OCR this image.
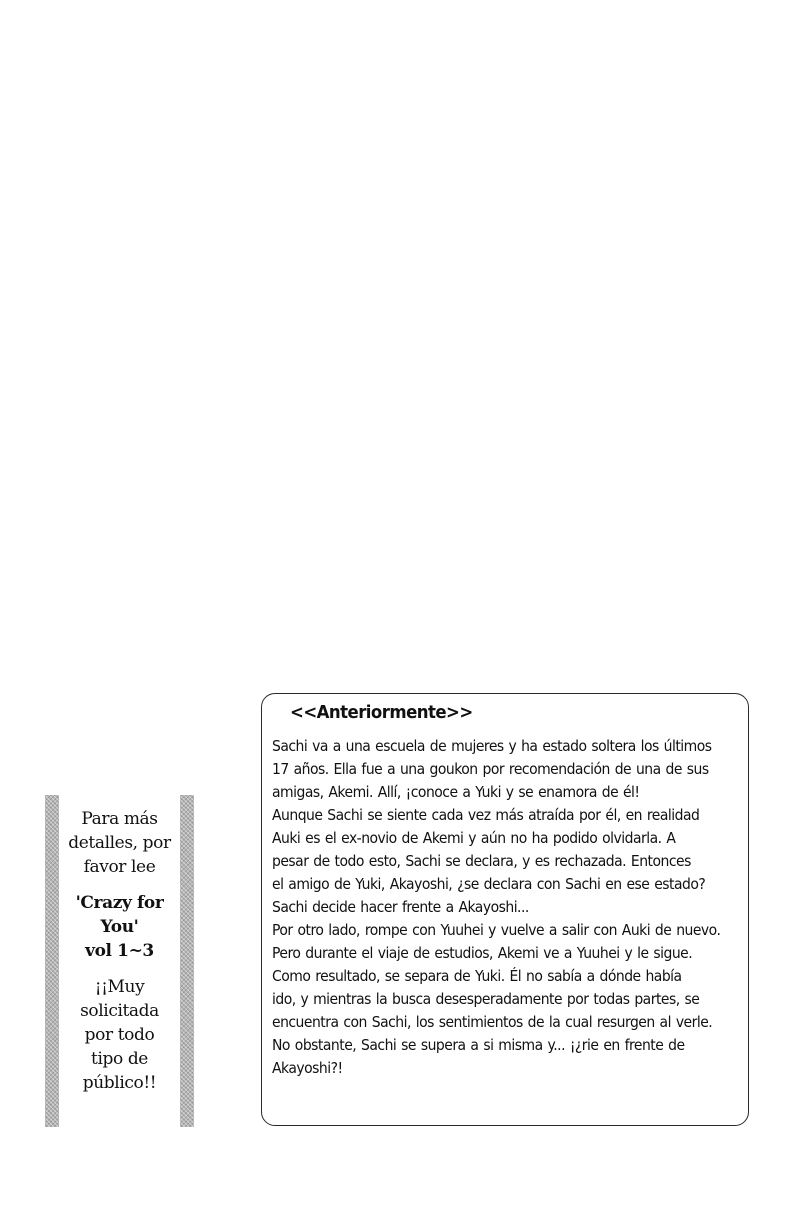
Para más
detalles, por
favor lee

'Crazy for
You'
vol 1~3

¡¡Muy
solicitada
por todo
tipo de
público!!

<<Anteriormente>>
Sachi va a una escuela de mujeres y ha estado soltera los últimos
17 años. Ella fue a una goukon por recomendación de una de sus
amigas, Akemi. Allí, ¡conoce a Yuki y se enamora de él!
Aunque Sachi se siente cada vez más atraída por él, en realidad
Auki es el ex-novio de Akemi y aún no ha podido olvidarla. A
pesar de todo esto, Sachi se declara, y es rechazada. Entonces
el amigo de Yuki, Akayoshi, ¿se declara con Sachi en ese estado?
Sachi decide hacer frente a Akayoshi...
Por otro lado, rompe con Yuuhei y vuelve a salir con Auki de nuevo.
Pero durante el viaje de estudios, Akemi ve a Yuuhei y le sigue.
Como resultado, se separa de Yuki. Él no sabía a dónde había
ido, y mientras la busca desesperadamente por todas partes, se
encuentra con Sachi, los sentimientos de la cual resurgen al verle.
No obstante, Sachi se supera a si misma y... ¡¿rie en frente de
Akayoshi?!
